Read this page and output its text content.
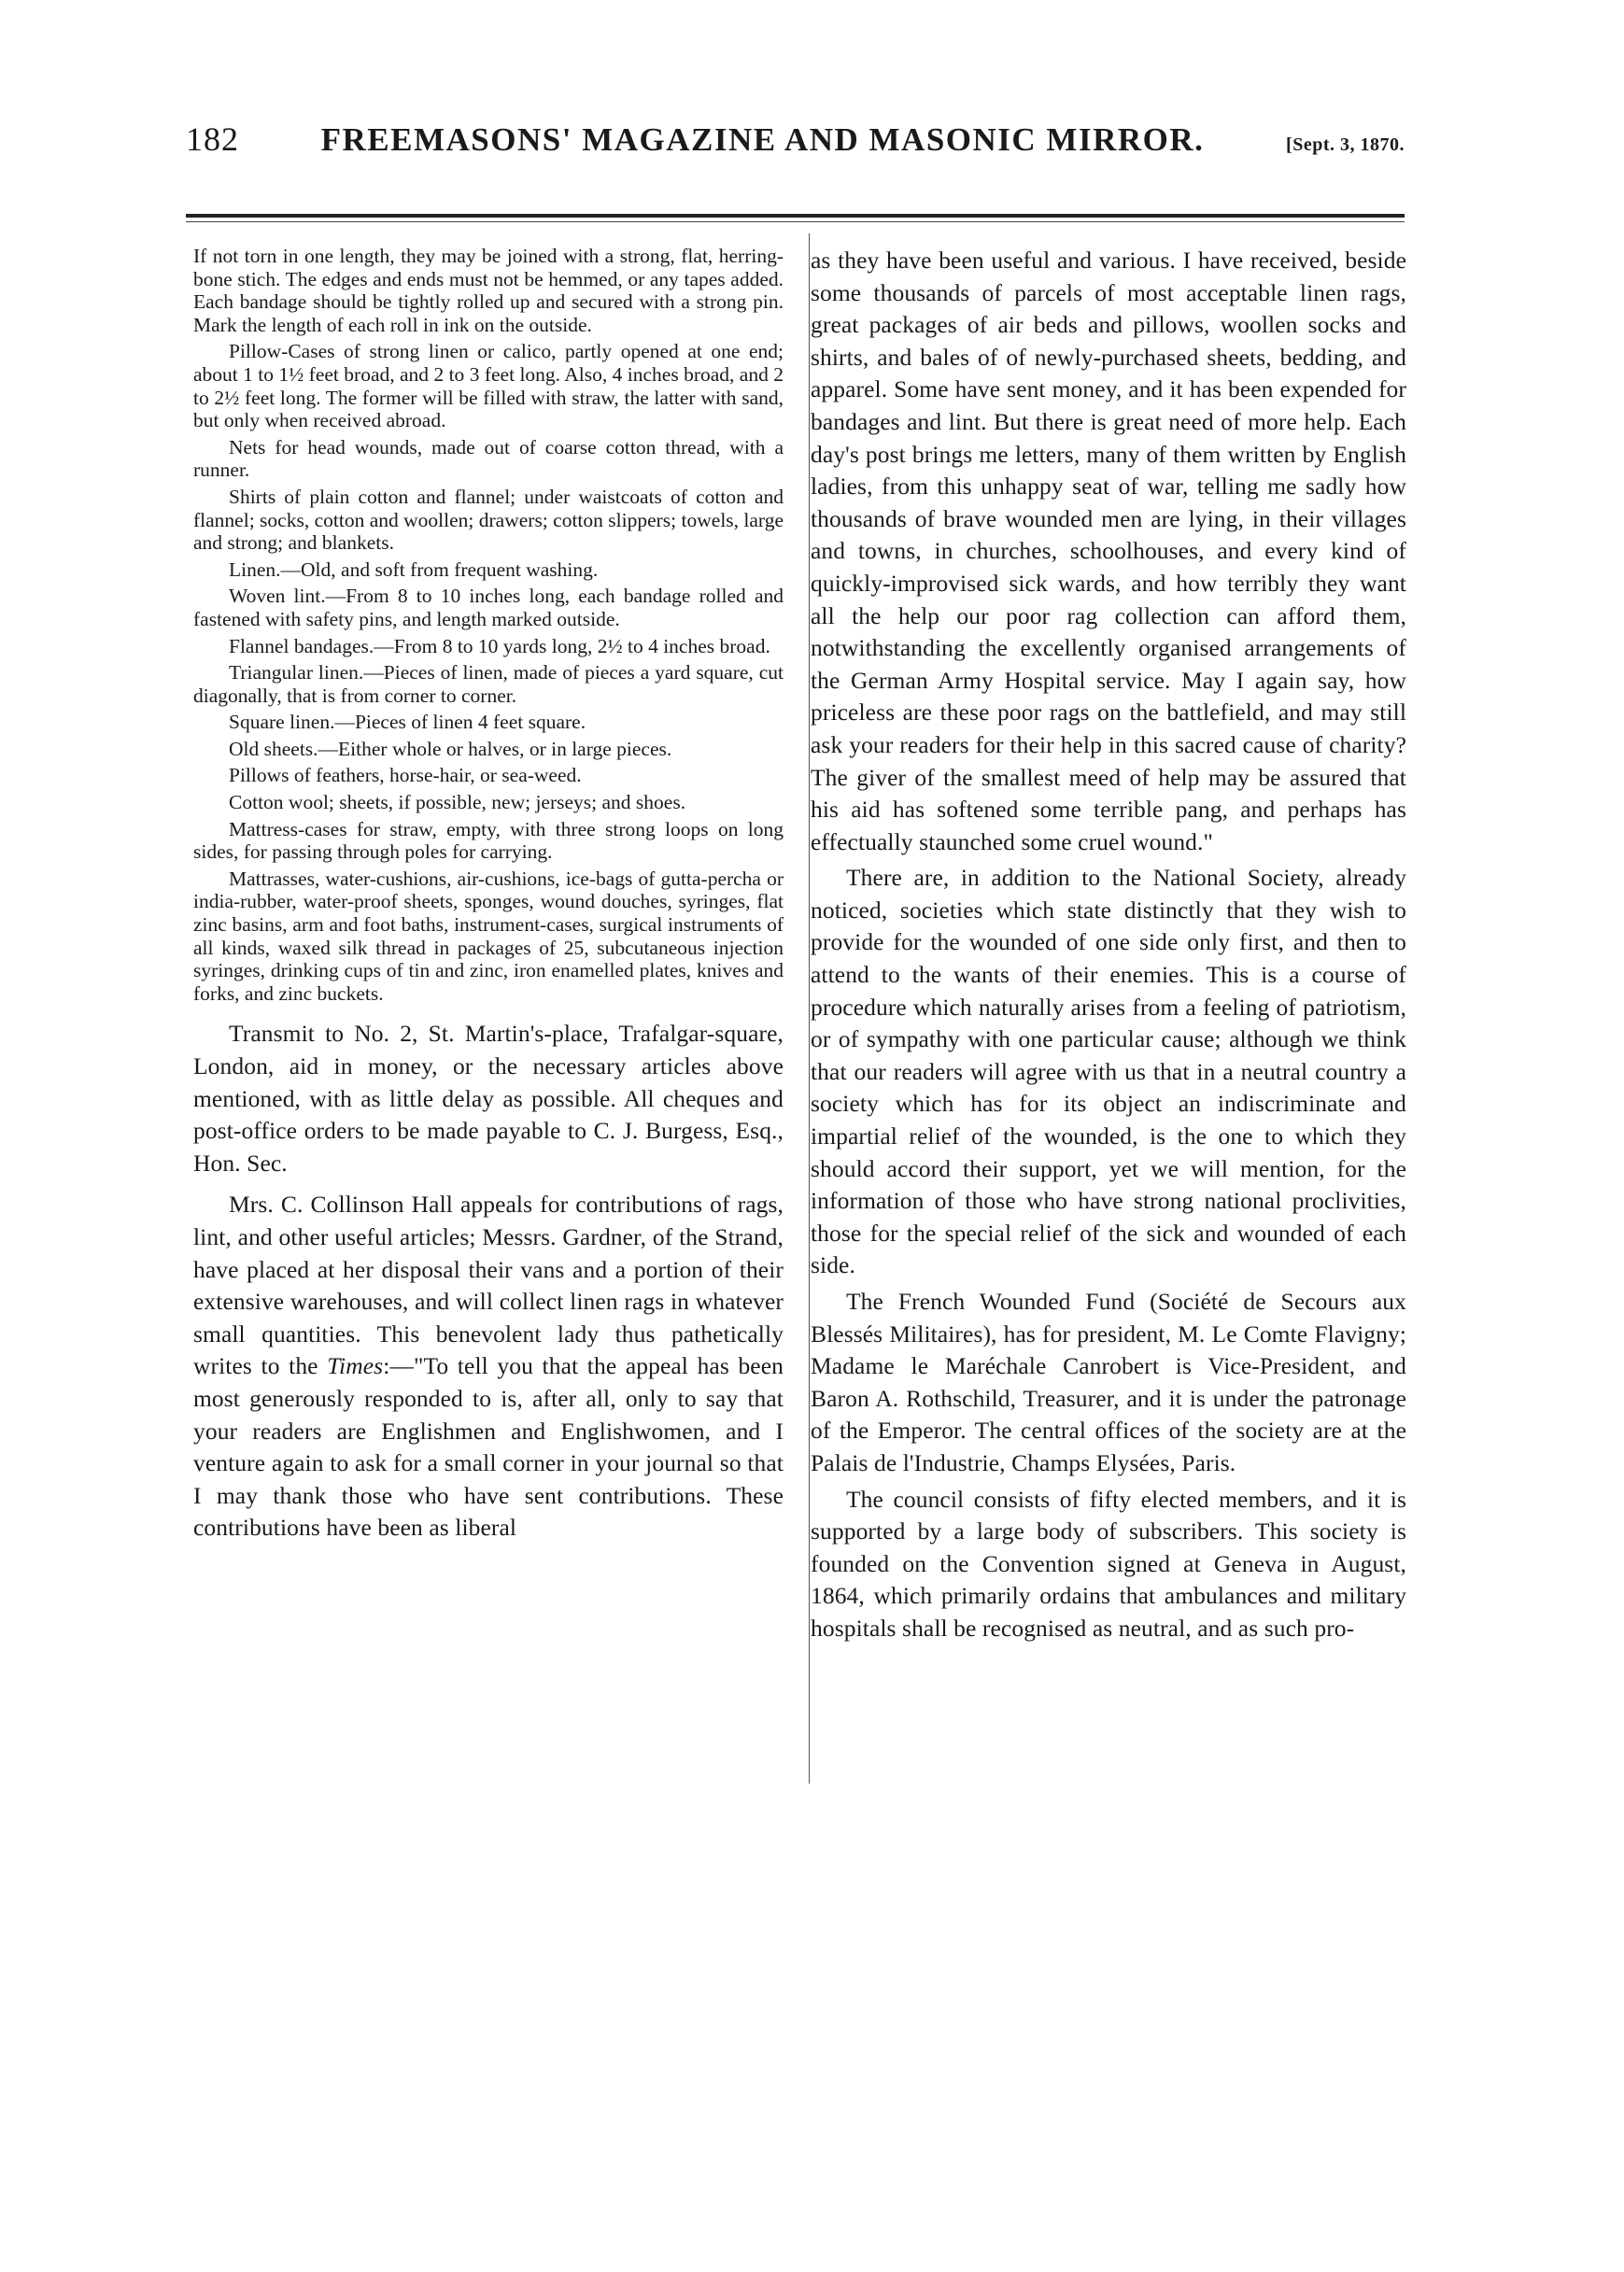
182	FREEMASONS' MAGAZINE AND MASONIC MIRROR.	[Sept. 3, 1870.

If not torn in one length, they may be joined with a strong, flat, herring-bone stich. The edges and ends must not be hemmed, or any tapes added. Each bandage should be tightly rolled up and secured with a strong pin. Mark the length of each roll in ink on the outside.

Pillow-Cases of strong linen or calico, partly opened at one end; about 1 to 1½ feet broad, and 2 to 3 feet long. Also, 4 inches broad, and 2 to 2½ feet long. The former will be filled with straw, the latter with sand, but only when received abroad.

Nets for head wounds, made out of coarse cotton thread, with a runner.

Shirts of plain cotton and flannel; under waistcoats of cotton and flannel; socks, cotton and woollen; drawers; cotton slippers; towels, large and strong; and blankets.

Linen.—Old, and soft from frequent washing.

Woven lint.—From 8 to 10 inches long, each bandage rolled and fastened with safety pins, and length marked outside.

Flannel bandages.—From 8 to 10 yards long, 2½ to 4 inches broad.

Triangular linen.—Pieces of linen, made of pieces a yard square, cut diagonally, that is from corner to corner.

Square linen.—Pieces of linen 4 feet square.

Old sheets.—Either whole or halves, or in large pieces.

Pillows of feathers, horse-hair, or sea-weed.

Cotton wool; sheets, if possible, new; jerseys; and shoes.

Mattress-cases for straw, empty, with three strong loops on long sides, for passing through poles for carrying.

Mattrasses, water-cushions, air-cushions, ice-bags of gutta-percha or india-rubber, water-proof sheets, sponges, wound douches, syringes, flat zinc basins, arm and foot baths, instrument-cases, surgical instruments of all kinds, waxed silk thread in packages of 25, subcutaneous injection syringes, drinking cups of tin and zinc, iron enamelled plates, knives and forks, and zinc buckets.

Transmit to No. 2, St. Martin's-place, Trafalgar-square, London, aid in money, or the necessary articles above mentioned, with as little delay as possible. All cheques and post-office orders to be made payable to C. J. Burgess, Esq., Hon. Sec.

Mrs. C. Collinson Hall appeals for contributions of rags, lint, and other useful articles; Messrs. Gardner, of the Strand, have placed at her disposal their vans and a portion of their extensive warehouses, and will collect linen rags in whatever small quantities. This benevolent lady thus pathetically writes to the Times:—"To tell you that the appeal has been most generously responded to is, after all, only to say that your readers are Englishmen and Englishwomen, and I venture again to ask for a small corner in your journal so that I may thank those who have sent contributions. These contributions have been as liberal

as they have been useful and various. I have received, beside some thousands of parcels of most acceptable linen rags, great packages of air beds and pillows, woollen socks and shirts, and bales of of newly-purchased sheets, bedding, and apparel. Some have sent money, and it has been expended for bandages and lint. But there is great need of more help. Each day's post brings me letters, many of them written by English ladies, from this unhappy seat of war, telling me sadly how thousands of brave wounded men are lying, in their villages and towns, in churches, schoolhouses, and every kind of quickly-improvised sick wards, and how terribly they want all the help our poor rag collection can afford them, notwithstanding the excellently organised arrangements of the German Army Hospital service. May I again say, how priceless are these poor rags on the battlefield, and may still ask your readers for their help in this sacred cause of charity? The giver of the smallest meed of help may be assured that his aid has softened some terrible pang, and perhaps has effectually staunched some cruel wound."

There are, in addition to the National Society, already noticed, societies which state distinctly that they wish to provide for the wounded of one side only first, and then to attend to the wants of their enemies. This is a course of procedure which naturally arises from a feeling of patriotism, or of sympathy with one particular cause; although we think that our readers will agree with us that in a neutral country a society which has for its object an indiscriminate and impartial relief of the wounded, is the one to which they should accord their support, yet we will mention, for the information of those who have strong national proclivities, those for the special relief of the sick and wounded of each side.

The French Wounded Fund (Société de Secours aux Blessés Militaires), has for president, M. Le Comte Flavigny; Madame le Maréchale Canrobert is Vice-President, and Baron A. Rothschild, Treasurer, and it is under the patronage of the Emperor. The central offices of the society are at the Palais de l'Industrie, Champs Elysées, Paris.

The council consists of fifty elected members, and it is supported by a large body of subscribers. This society is founded on the Convention signed at Geneva in August, 1864, which primarily ordains that ambulances and military hospitals shall be recognised as neutral, and as such pro-
